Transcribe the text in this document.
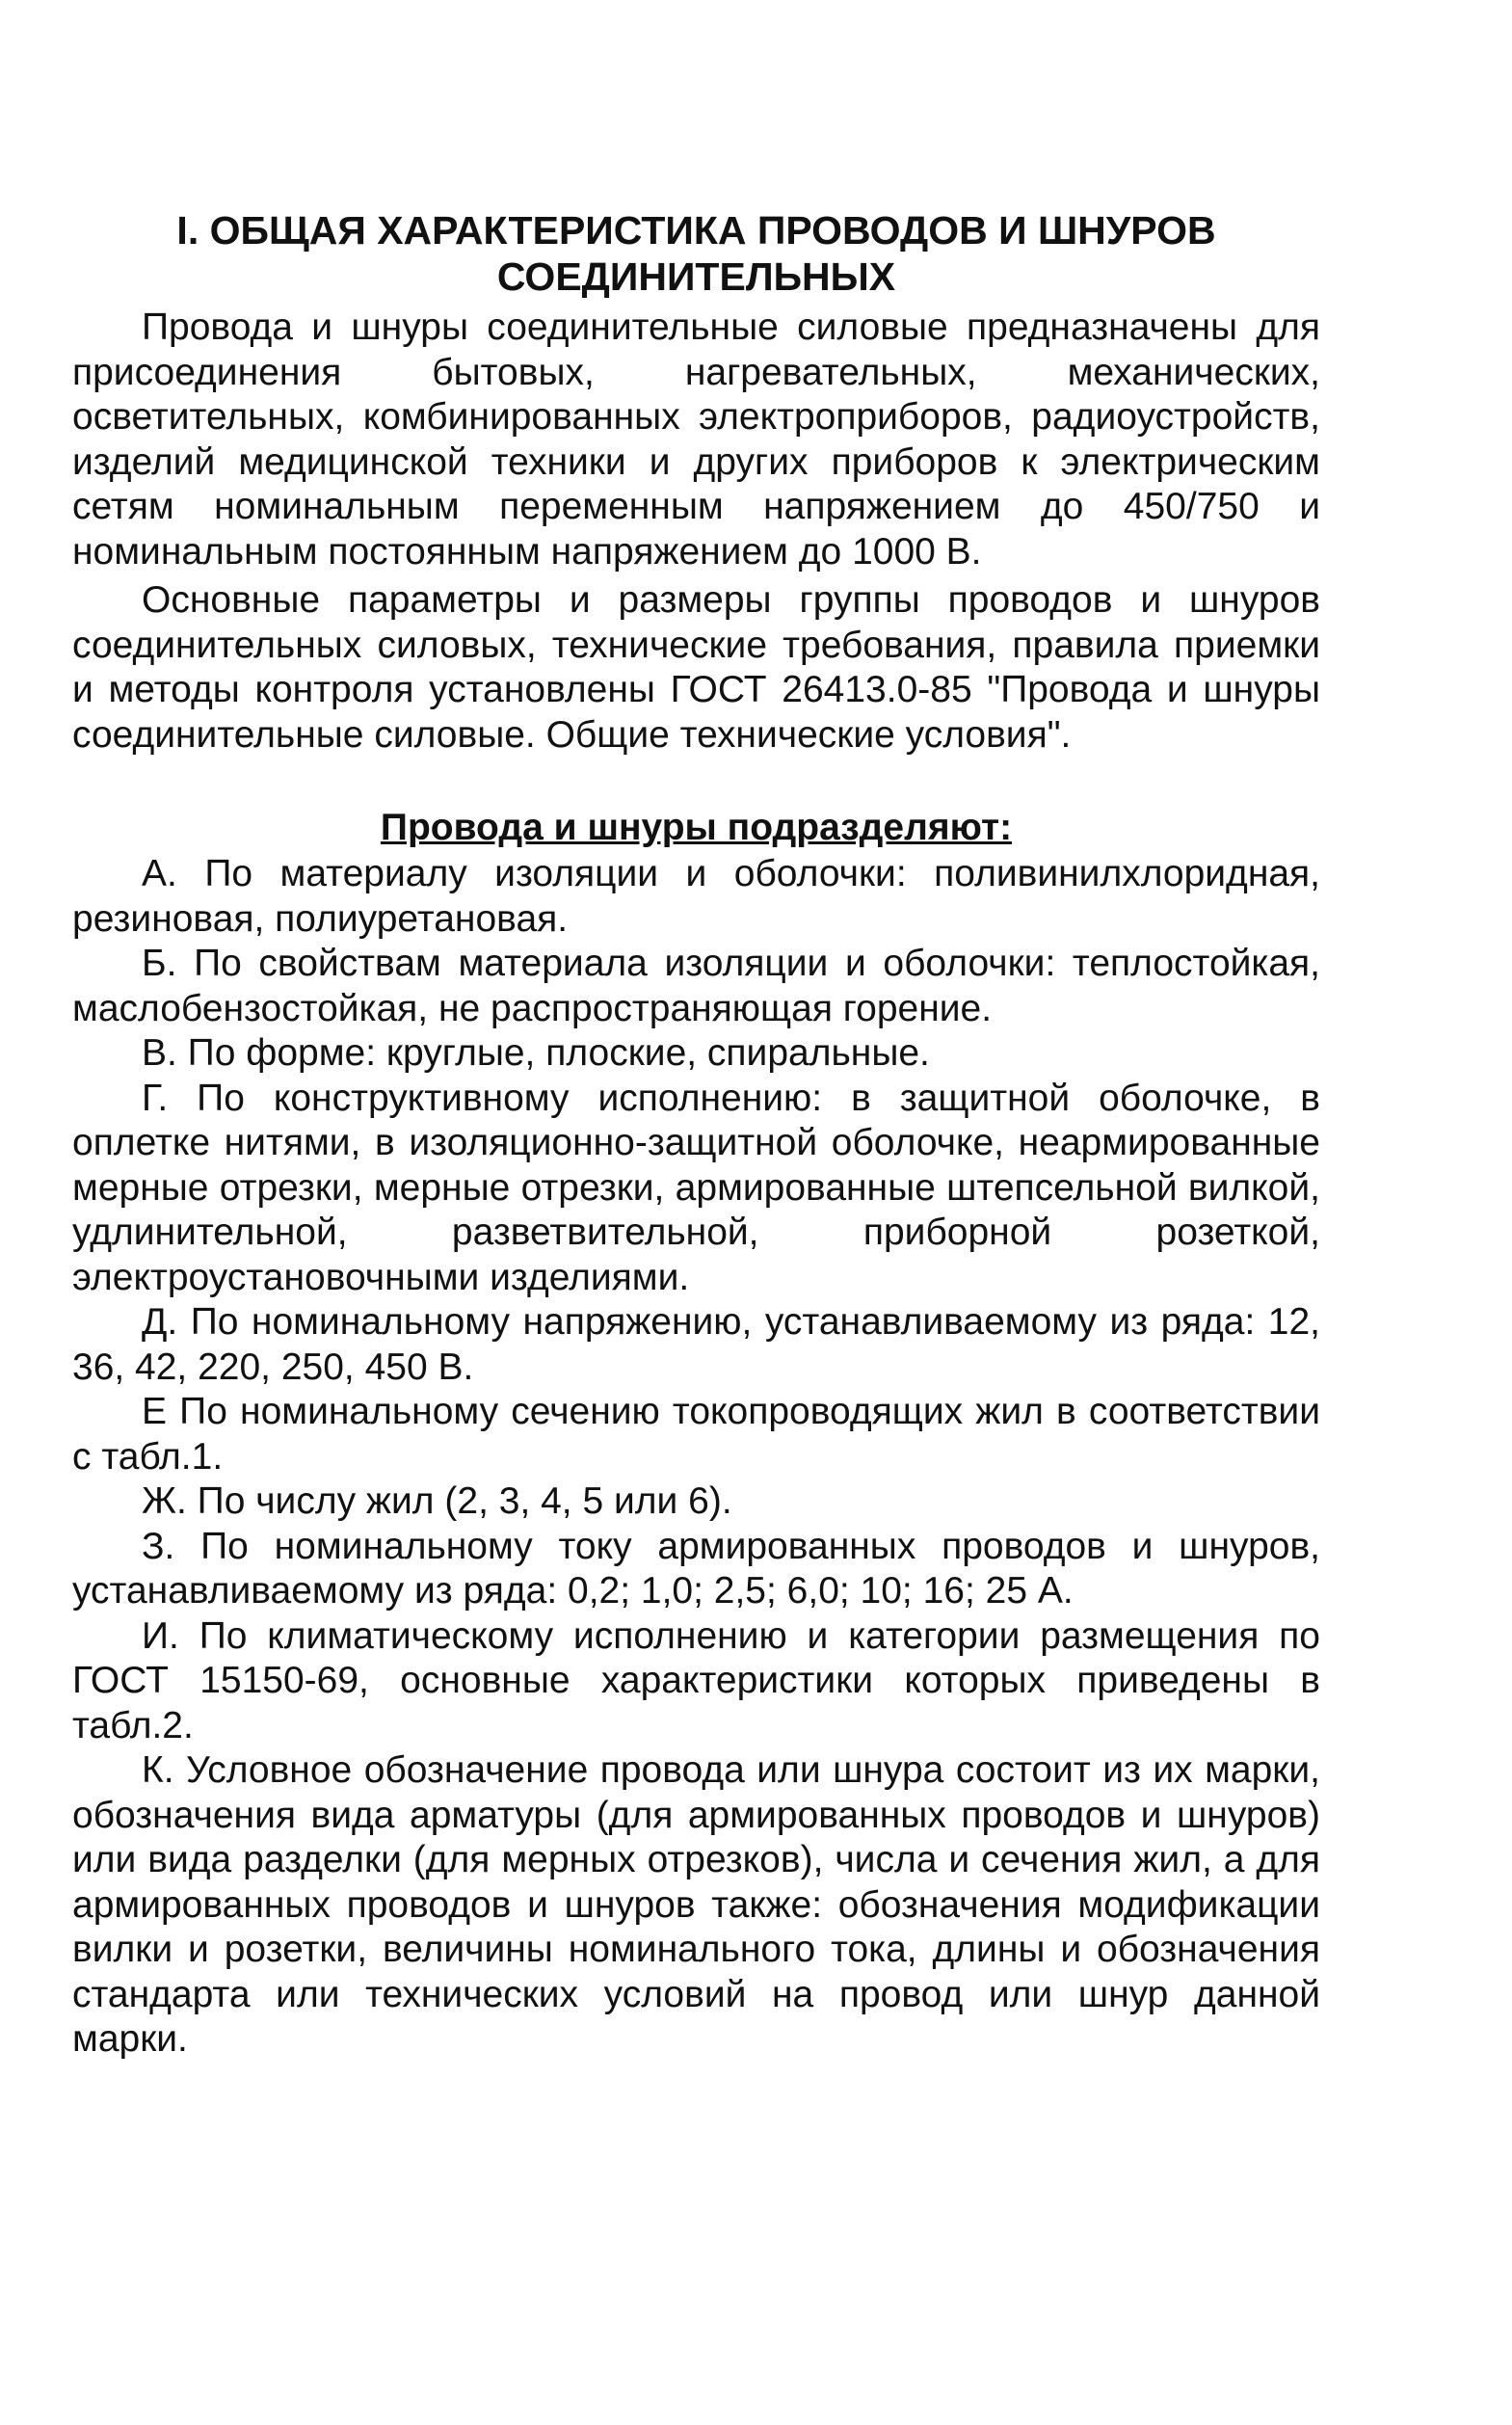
I. ОБЩАЯ ХАРАКТЕРИСТИКА ПРОВОДОВ И ШНУРОВ
СОЕДИНИТЕЛЬНЫХ

Провода и шнуры соединительные силовые предназначены для присоединения бытовых, нагревательных, механических, осветительных, комбинированных электроприборов, радиоустройств, изделий медицинской техники и других приборов к электрическим сетям номинальным переменным напряжением до 450/750 и номинальным постоянным напряжением до 1000 В.

Основные параметры и размеры группы проводов и шнуров соединительных силовых, технические требования, правила приемки и методы контроля установлены ГОСТ 26413.0-85 "Провода и шнуры соединительные силовые. Общие технические условия".

Провода и шнуры подразделяют:

А. По материалу изоляции и оболочки: поливинилхлоридная, резиновая, полиуретановая.

Б. По свойствам материала изоляции и оболочки: теплостойкая, маслобензостойкая, не распространяющая горение.

В. По форме: круглые, плоские, спиральные.

Г. По конструктивному исполнению: в защитной оболочке, в оплетке нитями, в изоляционно-защитной оболочке, неармированные мерные отрезки, мерные отрезки, армированные штепсельной вилкой, удлинительной, разветвительной, приборной розеткой, электроустановочными изделиями.

Д. По номинальному напряжению, устанавливаемому из ряда: 12, 36, 42, 220, 250, 450 В.

Е По номинальному сечению токопроводящих жил в соответствии с табл.1.

Ж. По числу жил (2, 3, 4, 5 или 6).

З. По номинальному току армированных проводов и шнуров, устанавливаемому из ряда: 0,2; 1,0; 2,5; 6,0; 10; 16; 25 А.

И. По климатическому исполнению и категории размещения по ГОСТ 15150-69, основные характеристики которых приведены в табл.2.

К. Условное обозначение провода или шнура состоит из их марки, обозначения вида арматуры (для армированных проводов и шнуров) или вида разделки (для мерных отрезков), числа и сечения жил, а для армированных проводов и шнуров также: обозначения модификации вилки и розетки, величины номинального тока, длины и обозначения стандарта или технических условий на провод или шнур данной марки.
